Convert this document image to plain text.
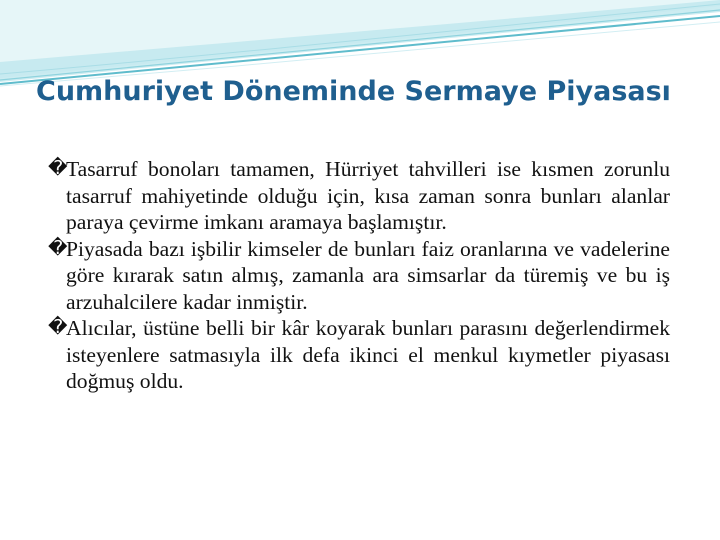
Cumhuriyet Döneminde Sermaye Piyasası
�
Tasarruf bonoları tamamen, Hürriyet tahvilleri ise kısmen zorunlu tasarruf mahiyetinde olduğu için, kısa zaman sonra bunları alanlar paraya çevirme imkanı aramaya başlamıştır.
�
Piyasada bazı işbilir kimseler de bunları faiz oranlarına ve vadelerine göre kırarak satın almış, zamanla ara simsarlar da türemiş ve bu iş arzuhalcilere kadar inmiştir.
�
Alıcılar, üstüne belli bir kâr koyarak bunları parasını değerlendirmek isteyenlere satmasıyla ilk defa ikinci el menkul kıymetler piyasası doğmuş oldu.
